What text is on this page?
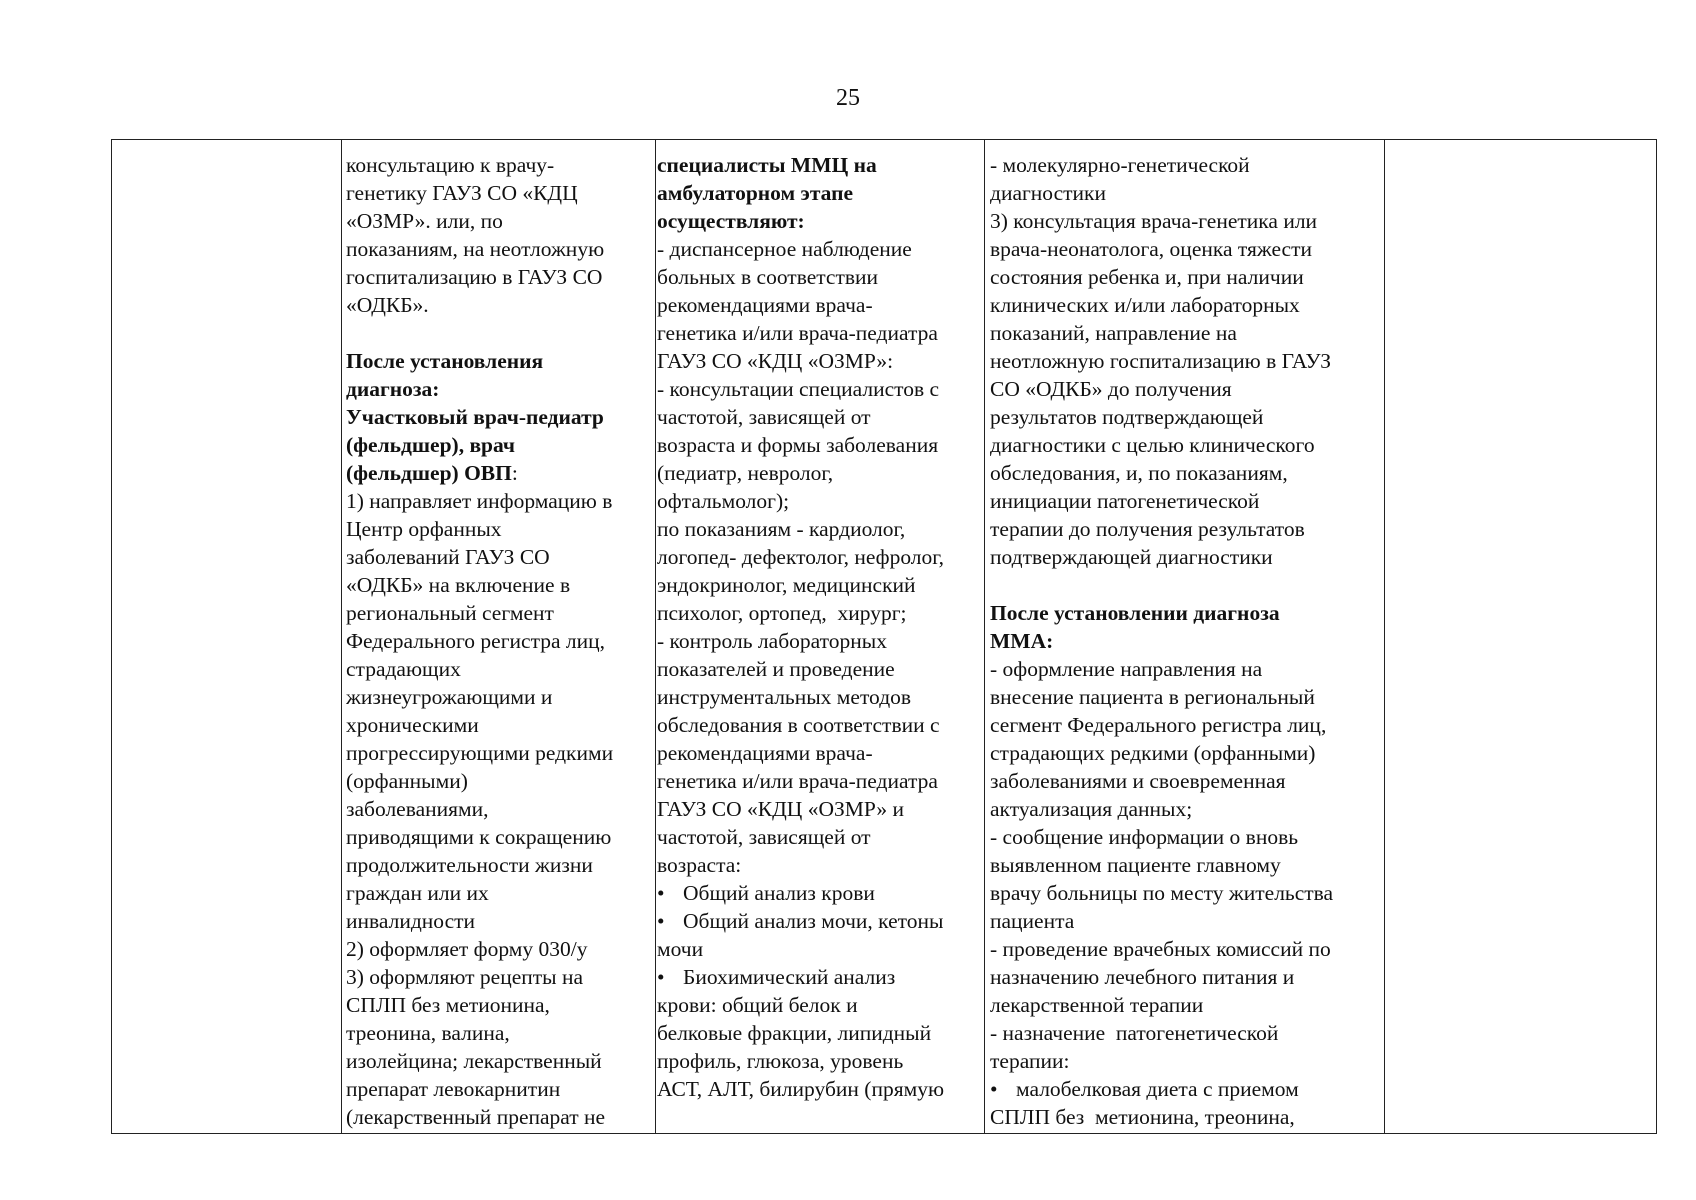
25
консультацию к врачу-
генетику ГАУЗ СО «КДЦ
«ОЗМР». или, по
показаниям, на неотложную
госпитализацию в ГАУЗ СО
«ОДКБ».
После установления
диагноза:
Участковый врач-педиатр
(фельдшер), врач
(фельдшер) ОВП:
1) направляет информацию в
Центр орфанных
заболеваний ГАУЗ СО
«ОДКБ» на включение в
региональный сегмент
Федерального регистра лиц,
страдающих
жизнеугрожающими и
хроническими
прогрессирующими редкими
(орфанными)
заболеваниями,
приводящими к сокращению
продолжительности жизни
граждан или их
инвалидности
2) оформляет форму 030/у
3) оформляют рецепты на
СПЛП без метионина,
треонина, валина,
изолейцина; лекарственный
препарат левокарнитин
(лекарственный препарат не
специалисты ММЦ на
амбулаторном этапе
осуществляют:
- диспансерное наблюдение
больных в соответствии
рекомендациями врача-
генетика и/или врача-педиатра
ГАУЗ СО «КДЦ «ОЗМР»:
- консультации специалистов с
частотой, зависящей от
возраста и формы заболевания
(педиатр, невролог,
офтальмолог);
по показаниям - кардиолог,
логопед- дефектолог, нефролог,
эндокринолог, медицинский
психолог, ортопед,  хирург;
- контроль лабораторных
показателей и проведение
инструментальных методов
обследования в соответствии с
рекомендациями врача-
генетика и/или врача-педиатра
ГАУЗ СО «КДЦ «ОЗМР» и
частотой, зависящей от
возраста:
• Общий анализ крови
• Общий анализ мочи, кетоны
мочи
• Биохимический анализ
крови: общий белок и
белковые фракции, липидный
профиль, глюкоза, уровень
АСТ, АЛТ, билирубин (прямую
- молекулярно-генетической
диагностики
3) консультация врача-генетика или
врача-неонатолога, оценка тяжести
состояния ребенка и, при наличии
клинических и/или лабораторных
показаний, направление на
неотложную госпитализацию в ГАУЗ
СО «ОДКБ» до получения
результатов подтверждающей
диагностики с целью клинического
обследования, и, по показаниям,
инициации патогенетической
терапии до получения результатов
подтверждающей диагностики
После установлении диагноза
ММА:
- оформление направления на
внесение пациента в региональный
сегмент Федерального регистра лиц,
страдающих редкими (орфанными)
заболеваниями и своевременная
актуализация данных;
- сообщение информации о вновь
выявленном пациенте главному
врачу больницы по месту жительства
пациента
- проведение врачебных комиссий по
назначению лечебного питания и
лекарственной терапии
- назначение  патогенетической
терапии:
• малобелковая диета с приемом
СПЛП без  метионина, треонина,
